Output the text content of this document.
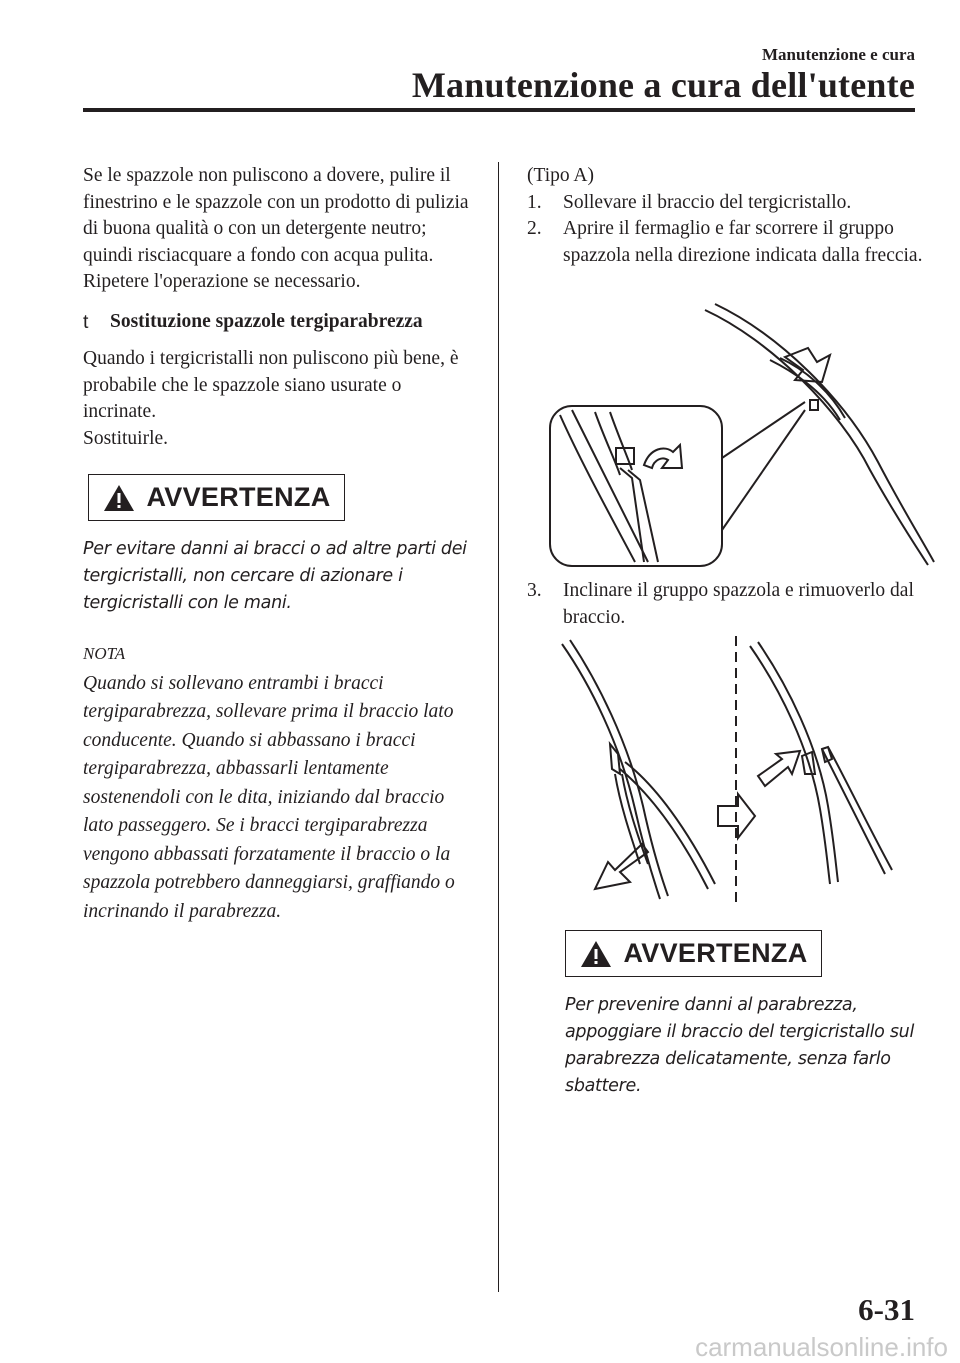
Manutenzione e cura
Manutenzione a cura dell'utente

Se le spazzole non puliscono a dovere, pulire il finestrino e le spazzole con un prodotto di pulizia di buona qualità o con un detergente neutro; quindi risciacquare a fondo con acqua pulita. Ripetere l'operazione se necessario.

t Sostituzione spazzole tergiparabrezza

Quando i tergicristalli non puliscono più bene, è probabile che le spazzole siano usurate o incrinate.

Sostituirle.

AVVERTENZA

Per evitare danni ai bracci o ad altre parti dei tergicristalli, non cercare di azionare i tergicristalli con le mani.

NOTA

Quando si sollevano entrambi i bracci tergiparabrezza, sollevare prima il braccio lato conducente. Quando si abbassano i bracci tergiparabrezza, abbassarli lentamente sostenendoli con le dita, iniziando dal braccio lato passeggero. Se i bracci tergiparabrezza vengono abbassati forzatamente il braccio o la spazzola potrebbero danneggiarsi, graffiando o incrinando il parabrezza.

(Tipo A)

1. Sollevare il braccio del tergicristallo.
2. Aprire il fermaglio e far scorrere il gruppo spazzola nella direzione indicata dalla freccia.
3. Inclinare il gruppo spazzola e rimuoverlo dal braccio.
AVVERTENZA

Per prevenire danni al parabrezza, appoggiare il braccio del tergicristallo sul parabrezza delicatamente, senza farlo sbattere.

6-31
carmanualsonline.info
